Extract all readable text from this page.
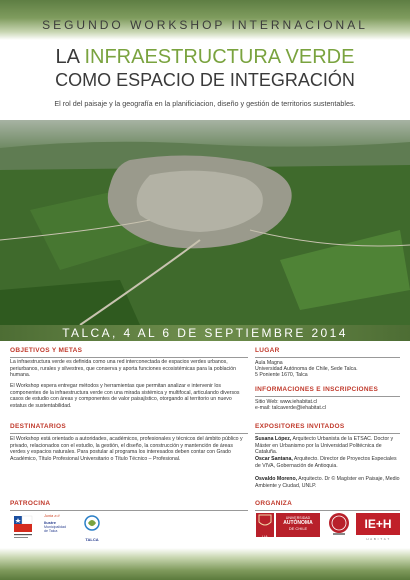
SEGUNDO WORKSHOP INTERNACIONAL
LA INFRAESTRUCTURA VERDE
COMO ESPACIO DE INTEGRACIÓN
El rol del paisaje y la geografía en la planificiacion, diseño y gestión de territorios sustentables.
TALCA, 4 AL 6 DE SEPTIEMBRE 2014
OBJETIVOS Y METAS
La infraestructura verde es definida como una red interconectada de espacios verdes urbanos, periurbanos, rurales y silvestres, que conserva y aporta funciones ecosistémicas para la población humana.
El Workshop espera entregar métodos y herramientas que permitan analizar e intervenir los componentes de la infraestructura verde con una mirada sistémica y multifocal, articulando diversos casos de estudio con áreas y componentes de valor paisajístico, otorgando al territorio un nuevo estatus de sustentabilidad.
DESTINATARIOS
El Workshop está orientado a autoridades, académicos, profesionales y técnicos del ámbito público y privado, relacionados con el estudio, la gestión, el diseño, la construcción y mantención de áreas verdes y espacios naturales. Para postular al programa los interesados deben contar con Grado Académico, Título Profesional Universitario o Título Técnico – Profesional.
LUGAR
Aula Magna
Universidad Autónoma de Chile, Sede Talca.
5 Poniente 1670, Talca
INFORMACIONES E INSCRIPCIONES
Sitio Web: www.iehabitat.cl
e-mail: talcaverde@iehabitat.cl
EXPOSITORES INVITADOS
Susana López, Arquitecto Urbanista de la ETSAC. Doctor y Máster en Urbanismo por la Universidad Politécnica de Cataluña.
Oscar Santana, Arquitecto. Director de Proyectos Especiales de VIVA, Gobernación de Antioquia.
Osvaldo Moreno, Arquitecto. Dr © Magíster en Paisaje, Medio Ambiente y Ciudad, UNLP.
PATROCINA
Junta a ti
Ilustre
Municipalidad
de Talca
TALCA
ORGANIZA
UA
UNIVERSIDAD
AUTÓNOMA
DE CHILE	IE+H
H A B I T A T
